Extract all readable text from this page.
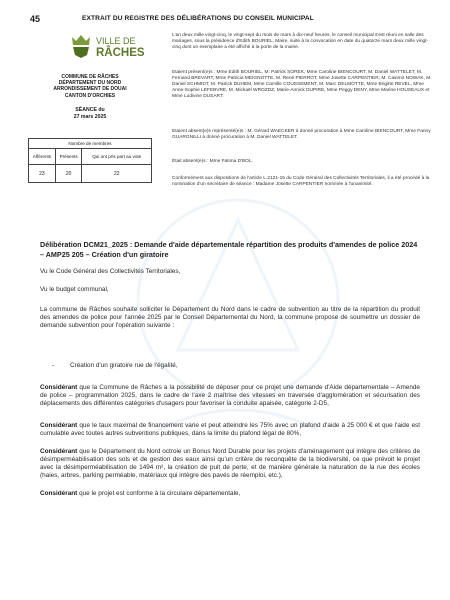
45	EXTRAIT DU REGISTRE DES DÉLIBÉRATIONS DU CONSEIL MUNICIPAL
VILLE DE
RÂCHES
COMMUNE DE RÂCHES
DÉPARTEMENT DU NORD
ARRONDISSEMENT DE DOUAI
CANTON D'ORCHIES
SÉANCE du
27 mars 2025
Nombre de membres		
Afférents	Présents	Qui ont pris part au vote
23	20	22
L'an deux mille vingt-cinq, le vingt-sept du mois de mars à dix-neuf heures, le conseil municipal s'est réuni en salle des mariages, sous la présidence d'Edith BOURIEL, Maire, suite à la convocation en date du quatorze mars deux mille vingt-cinq dont un exemplaire a été affiché à la porte de la mairie.
Etaient présent(e)s : Mme Edith BOURIEL, M. Patrick SOREK, Mme Caroline BIENCOURT, M. Daniel WATTELET, M. Fernand BREVART, Mme Patricia MEIGNOTTE, M. René PIERROT, Mme Josette CARPENTIER, M. Casimir NOWAK, M. Daniel SCHMIDT, M. Patrick DUHEM, Mme Camille COUSSEMENT, M. Marc DELMOTTE, Mme Brigitte REVEL, Mme Anne-Sophie LEFEBVRE, M. Mickaël WROZDZ, Marie-Annick DUPIRE, Mme Peggy DENY, Mme Marine HOUSEAUX et Mme Ludivine DUSART.
Etaient absent(e)s représenté(e)s : M. Gérard WAECKER à donné procuration à Mme Caroline BIENCOURT, Mme Fanny GUARGNILLI à donné procuration à M. Daniel WATTELET.
Était absent(e)s : Mme Fatima D'BOL.
Conformément aux dispositions de l'article L.2121-15 du Code Général des Collectivités Territoriales, il a été procédé à la nomination d'un secrétaire de séance : Madame Josette CARPENTIER nommée à l'unanimité.
Délibération DCM21_2025 : Demande d'aide départementale répartition des produits d'amendes de police 2024 – AMP25 205 – Création d'un giratoire
Vu le Code Général des Collectivités Territoriales,
Vu le budget communal,
La commune de Râches souhaite solliciter le Département du Nord dans le cadre de subvention au titre de la répartition du produit des amendes de police pour l'année 2025 par le Conseil Départemental du Nord, la commune propose de soumettre un dossier de demande subvention pour l'opération suivante :
- Création d'un giratoire rue de l'égalité,
Considérant que la Commune de Râches a la possibilité de déposer pour ce projet une demande d'Aide départementale – Amende de police – programmation 2025, dans le cadre de l'axe 2 maîtrise des vitesses en traversée d'agglomération et sécurisation des déplacements des différentes catégories d'usagers pour favoriser la conduite apaisée, catégorie 2-D5,
Considérant que le taux maximal de financement varie et peut atteindre les 75% avec un plafond d'aide à 25 000 € et que l'aide est cumulable avec toutes autres subventions publiques, dans la limite du plafond légal de 80%,
Considérant que le Département du Nord octroie un Bonus Nord Durable pour les projets d'aménagement qui intègre des critères de désimperméabilisation des sols et de gestion des eaux ainsi qu'un critère de reconquête de la biodiversité, ce que prévoit le projet avec la désimperméabilisation de 1494 m², la création de puit de perte, et de manière générale la naturation de la rue des écoles (haies, arbres, parking perméable, matériaux qui intègre des pavés de réemploi, etc.),
Considérant que le projet est conforme à la circulaire départementale,
